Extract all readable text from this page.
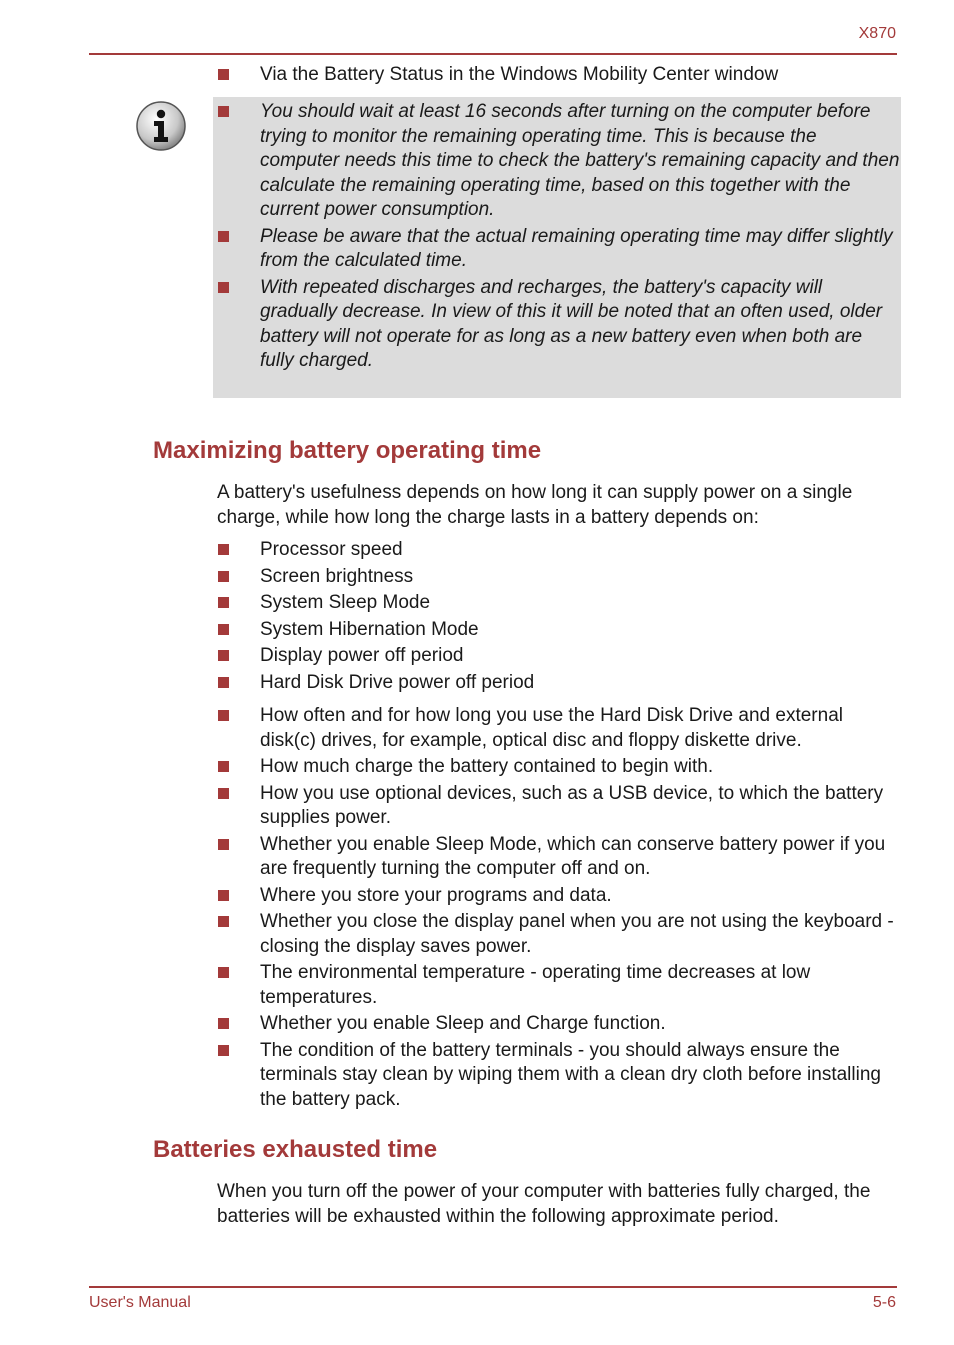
X870
Via the Battery Status in the Windows Mobility Center window
You should wait at least 16 seconds after turning on the computer before trying to monitor the remaining operating time. This is because the computer needs this time to check the battery's remaining capacity and then calculate the remaining operating time, based on this together with the current power consumption.
Please be aware that the actual remaining operating time may differ slightly from the calculated time.
With repeated discharges and recharges, the battery's capacity will gradually decrease. In view of this it will be noted that an often used, older battery will not operate for as long as a new battery even when both are fully charged.
Maximizing battery operating time

A battery's usefulness depends on how long it can supply power on a single charge, while how long the charge lasts in a battery depends on:

Processor speed
Screen brightness
System Sleep Mode
System Hibernation Mode
Display power off period
Hard Disk Drive power off period
How often and for how long you use the Hard Disk Drive and external disk(c) drives, for example, optical disc and floppy diskette drive.
How much charge the battery contained to begin with.
How you use optional devices, such as a USB device, to which the battery supplies power.
Whether you enable Sleep Mode, which can conserve battery power if you are frequently turning the computer off and on.
Where you store your programs and data.
Whether you close the display panel when you are not using the keyboard - closing the display saves power.
The environmental temperature - operating time decreases at low temperatures.
Whether you enable Sleep and Charge function.
The condition of the battery terminals - you should always ensure the terminals stay clean by wiping them with a clean dry cloth before installing the battery pack.
Batteries exhausted time

When you turn off the power of your computer with batteries fully charged, the batteries will be exhausted within the following approximate period.

User's Manual	5-6
